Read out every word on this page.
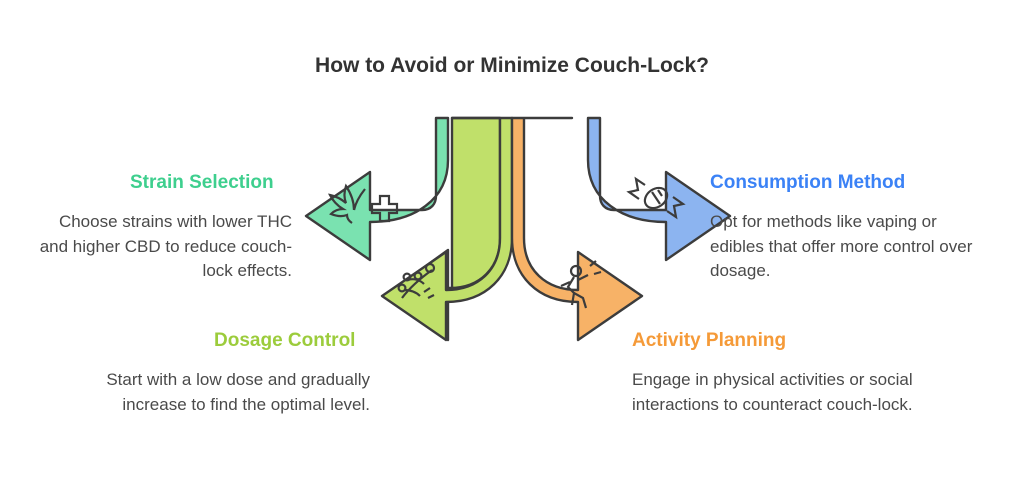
How to Avoid or Minimize Couch-Lock?
Strain Selection
Choose strains with lower THC and higher CBD to reduce couch-lock effects.
Dosage Control
Start with a low dose and gradually increase to find the optimal level.
Activity Planning
Engage in physical activities or social interactions to counteract couch-lock.
Consumption Method
Opt for methods like vaping or edibles that offer more control over dosage.
